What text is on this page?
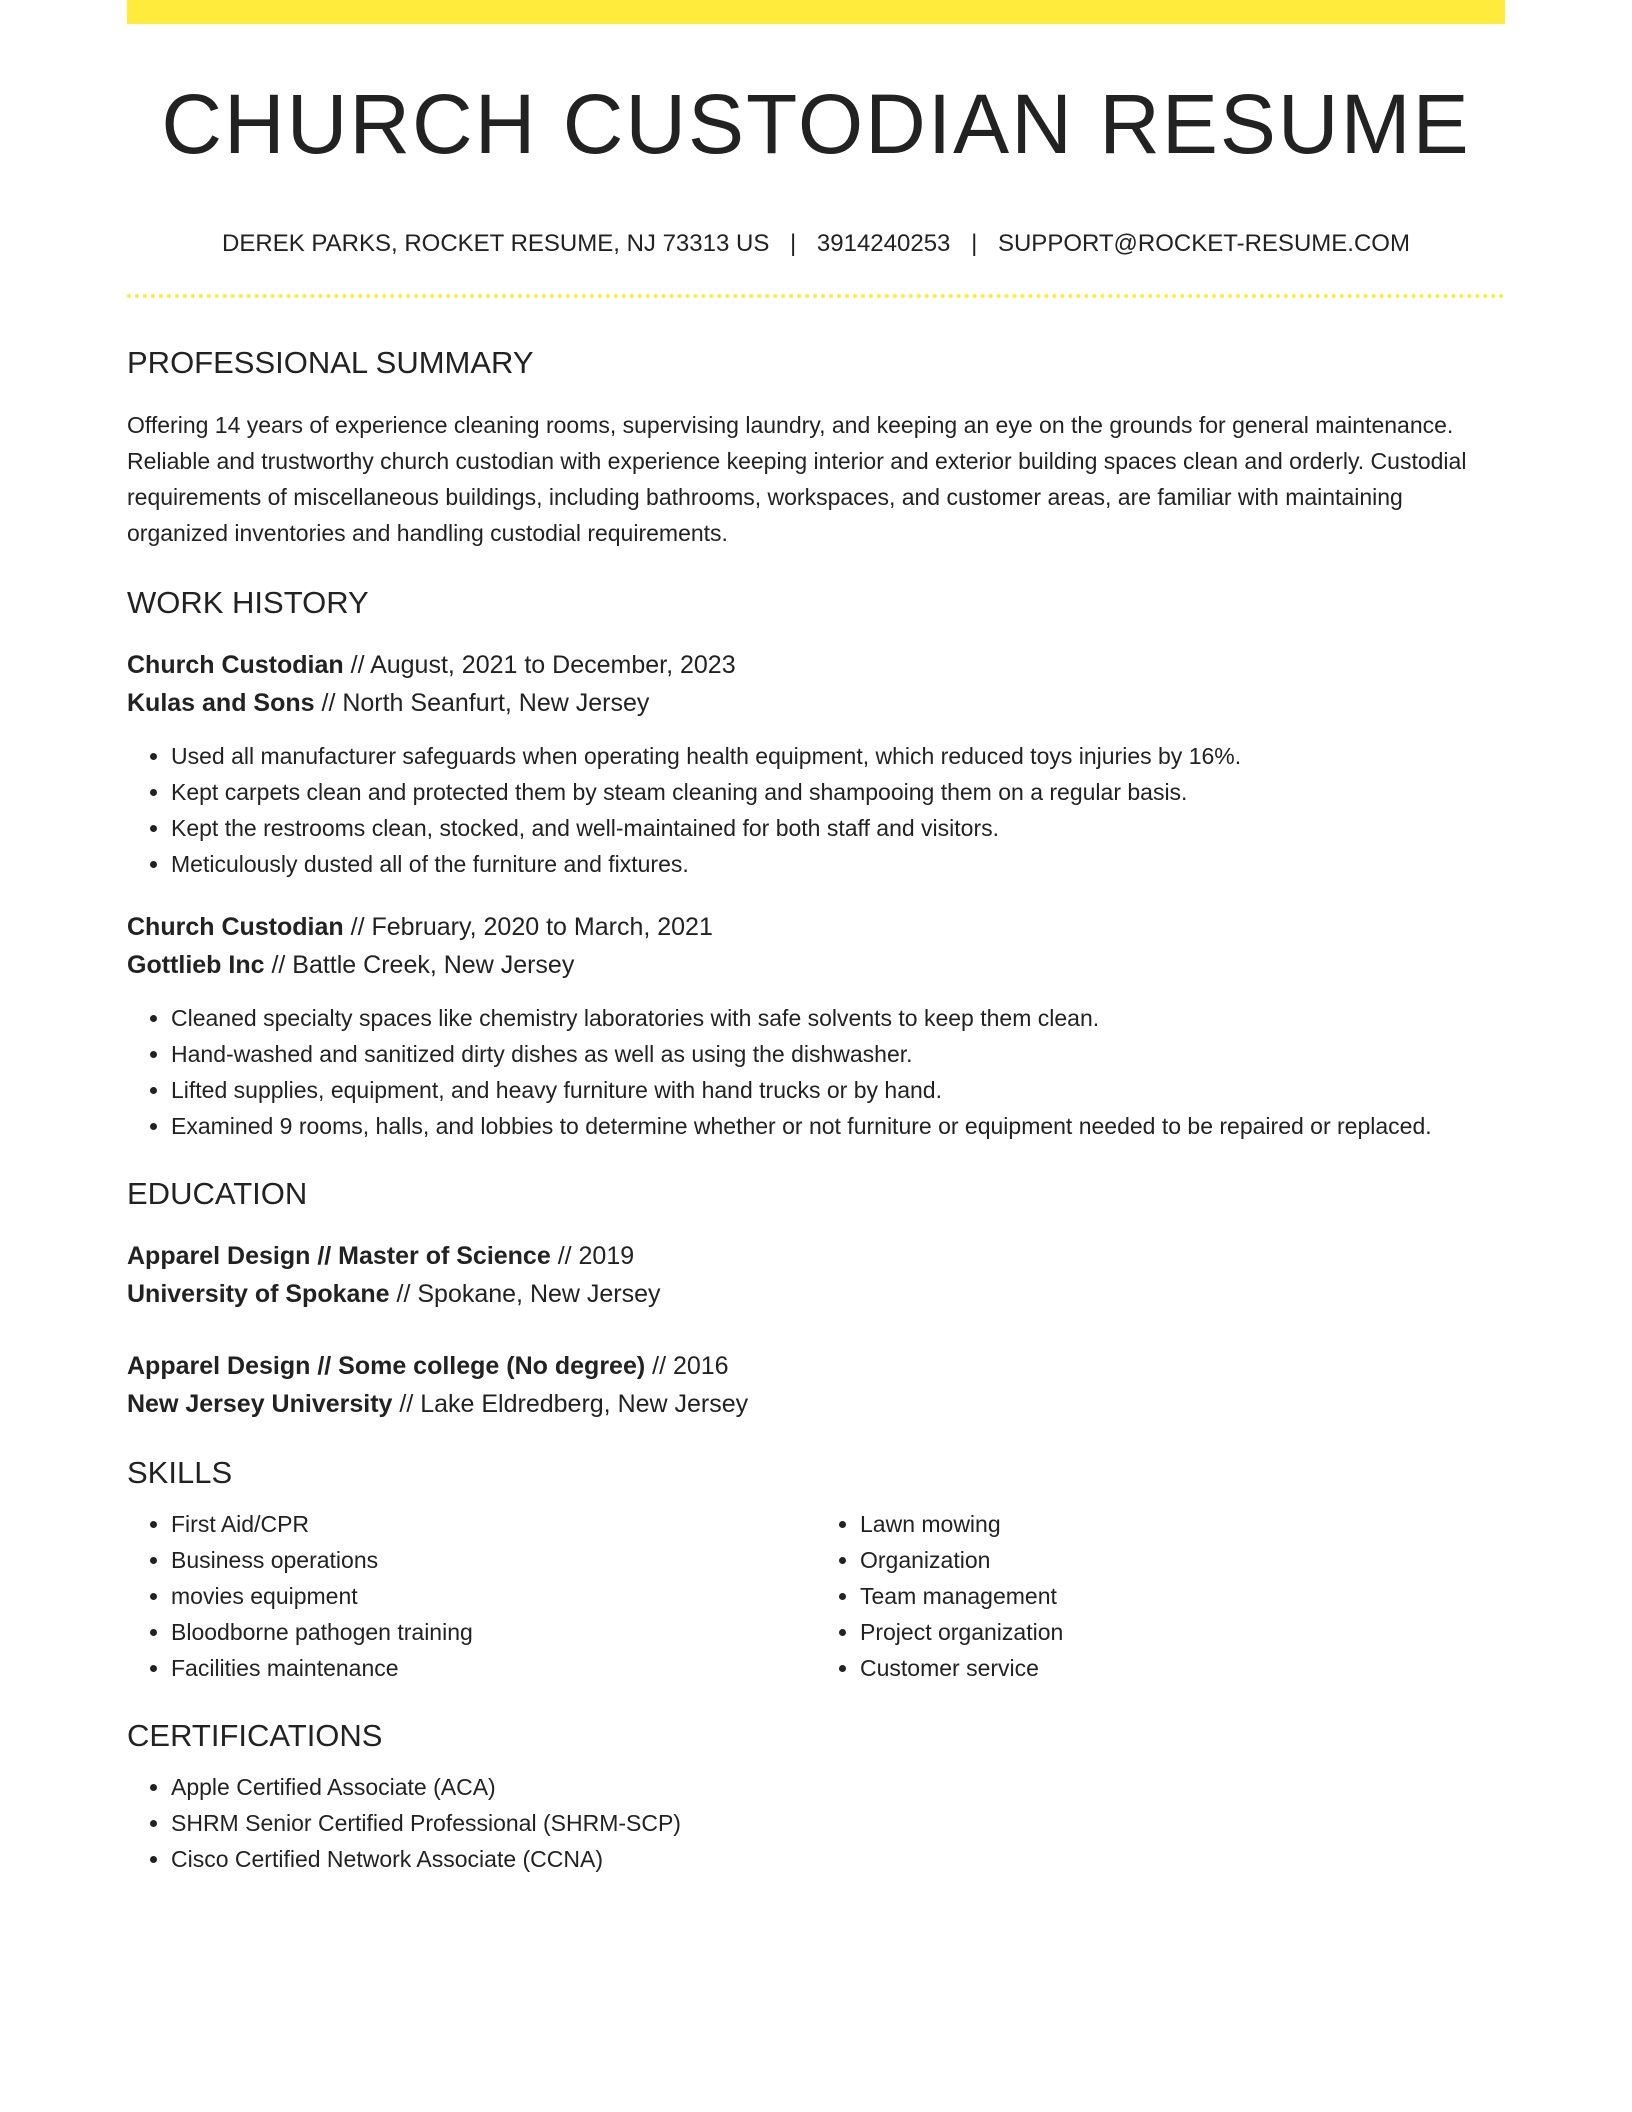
CHURCH CUSTODIAN RESUME
DEREK PARKS, ROCKET RESUME, NJ 73313 US | 3914240253 | SUPPORT@ROCKET-RESUME.COM
PROFESSIONAL SUMMARY

Offering 14 years of experience cleaning rooms, supervising laundry, and keeping an eye on the grounds for general maintenance. Reliable and trustworthy church custodian with experience keeping interior and exterior building spaces clean and orderly. Custodial requirements of miscellaneous buildings, including bathrooms, workspaces, and customer areas, are familiar with maintaining organized inventories and handling custodial requirements.

WORK HISTORY
Church Custodian // August, 2021 to December, 2023
Kulas and Sons // North Seanfurt, New Jersey
• Used all manufacturer safeguards when operating health equipment, which reduced toys injuries by 16%.
• Kept carpets clean and protected them by steam cleaning and shampooing them on a regular basis.
• Kept the restrooms clean, stocked, and well-maintained for both staff and visitors.
• Meticulously dusted all of the furniture and fixtures.
Church Custodian // February, 2020 to March, 2021
Gottlieb Inc // Battle Creek, New Jersey
• Cleaned specialty spaces like chemistry laboratories with safe solvents to keep them clean.
• Hand-washed and sanitized dirty dishes as well as using the dishwasher.
• Lifted supplies, equipment, and heavy furniture with hand trucks or by hand.
• Examined 9 rooms, halls, and lobbies to determine whether or not furniture or equipment needed to be repaired or replaced.
EDUCATION
Apparel Design // Master of Science // 2019
University of Spokane // Spokane, New Jersey
Apparel Design // Some college (No degree) // 2016
New Jersey University // Lake Eldredberg, New Jersey
SKILLS
• First Aid/CPR
• Business operations
• movies equipment
• Bloodborne pathogen training
• Facilities maintenance
• Lawn mowing
• Organization
• Team management
• Project organization
• Customer service
CERTIFICATIONS
• Apple Certified Associate (ACA)
• SHRM Senior Certified Professional (SHRM-SCP)
• Cisco Certified Network Associate (CCNA)
